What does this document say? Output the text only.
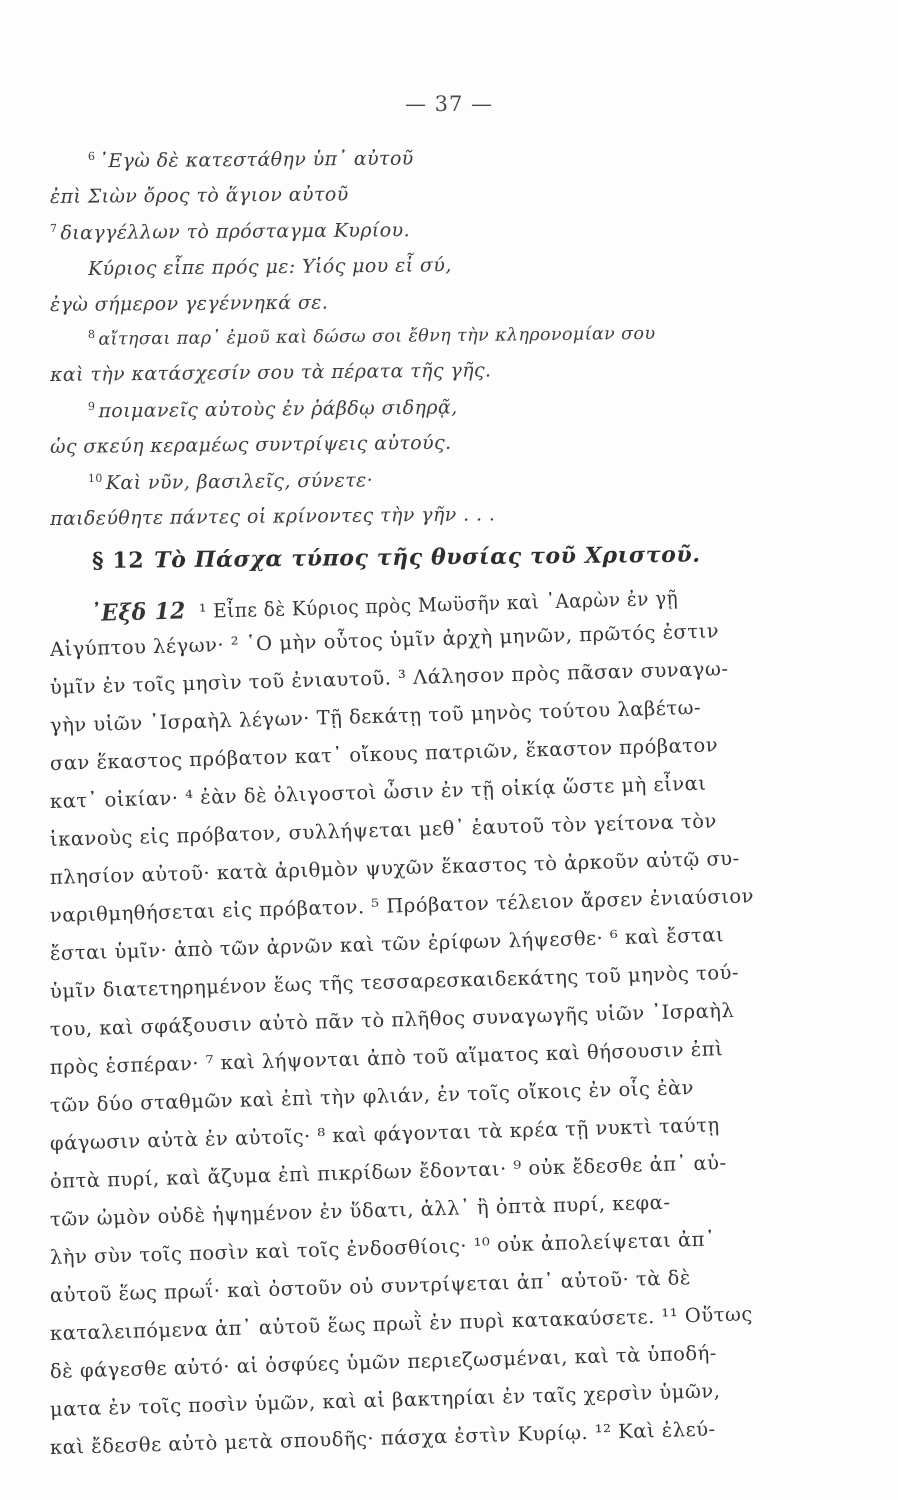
— 37 —
$^6$ ᾿Εγὼ δὲ κατεστάθην ὑπ᾽ αὐτοῦ
ἐπὶ Σιὼν ὄρος τὸ ἅγιον αὐτοῦ
$^7$ διαγγέλλων τὸ πρόσταγμα Κυρίου.
Κύριος εἶπε πρός με: Υἱός μου εἶ σύ,
ἐγὼ σήμερον γεγέννηκά σε.
$^8$ αἴτησαι παρ᾽ ἐμοῦ καὶ δώσω σοι ἔθνη τὴν κληρονομίαν σου
καὶ τὴν κατάσχεσίν σου τὰ πέρατα τῆς γῆς.
$^9$ ποιμανεῖς αὐτοὺς ἐν ῥάβδῳ σιδηρᾷ,
ὡς σκεύη κεραμέως συντρίψεις αὐτούς.
$^{10}$ Καὶ νῦν, βασιλεῖς, σύνετε·
παιδεύθητε πάντες οἱ κρίνοντες τὴν γῆν . . .
§ 12 Τὸ Πάσχα τύπος τῆς θυσίας τοῦ Χριστοῦ.
᾿Εξδ 12 ¹ Εἶπε δὲ Κύριος πρὸς Μωϋσῆν καὶ ᾿Ααρὼν ἐν γῇ
Αἰγύπτου λέγων· ² ῾Ο μὴν οὗτος ὑμῖν ἀρχὴ μηνῶν, πρῶτός ἐστιν
ὑμῖν ἐν τοῖς μησὶν τοῦ ἐνιαυτοῦ. ³ Λάλησον πρὸς πᾶσαν συναγω-
γὴν υἱῶν ᾿Ισραὴλ λέγων· Τῇ δεκάτῃ τοῦ μηνὸς τούτου λαβέτω-
σαν ἕκαστος πρόβατον κατ᾽ οἴκους πατριῶν, ἕκαστον πρόβατον
κατ᾽ οἰκίαν· ⁴ ἐὰν δὲ ὀλιγοστοὶ ὦσιν ἐν τῇ οἰκίᾳ ὥστε μὴ εἶναι
ἱκανοὺς εἰς πρόβατον, συλλήψεται μεθ᾽ ἑαυτοῦ τὸν γείτονα τὸν
πλησίον αὐτοῦ· κατὰ ἀριθμὸν ψυχῶν ἕκαστος τὸ ἀρκοῦν αὐτῷ συ-
ναριθμηθήσεται εἰς πρόβατον. ⁵ Πρόβατον τέλειον ἄρσεν ἐνιαύσιον
ἔσται ὑμῖν· ἀπὸ τῶν ἀρνῶν καὶ τῶν ἐρίφων λήψεσθε· ⁶ καὶ ἔσται
ὑμῖν διατετηρημένον ἕως τῆς τεσσαρεσκαιδεκάτης τοῦ μηνὸς τού-
του, καὶ σφάξουσιν αὐτὸ πᾶν τὸ πλῆθος συναγωγῆς υἱῶν ᾿Ισραὴλ
πρὸς ἑσπέραν· ⁷ καὶ λήψονται ἀπὸ τοῦ αἵματος καὶ θήσουσιν ἐπὶ
τῶν δύο σταθμῶν καὶ ἐπὶ τὴν φλιάν, ἐν τοῖς οἴκοις ἐν οἷς ἐὰν
φάγωσιν αὐτὰ ἐν αὐτοῖς· ⁸ καὶ φάγονται τὰ κρέα τῇ νυκτὶ ταύτῃ
ὀπτὰ πυρί, καὶ ἄζυμα ἐπὶ πικρίδων ἔδονται· ⁹ οὐκ ἔδεσθε ἀπ᾽ αὐ-
τῶν ὠμὸν οὐδὲ ἡψημένον ἐν ὕδατι, ἀλλ᾽ ἢ ὀπτὰ πυρί, κεφα-
λὴν σὺν τοῖς ποσὶν καὶ τοῖς ἐνδοσθίοις· ¹⁰ οὐκ ἀπολείψεται ἀπ᾽
αὐτοῦ ἕως πρωΐ· καὶ ὀστοῦν οὐ συντρίψεται ἀπ᾽ αὐτοῦ· τὰ δὲ
καταλειπόμενα ἀπ᾽ αὐτοῦ ἕως πρωῒ ἐν πυρὶ κατακαύσετε. ¹¹ Οὕτως
δὲ φάγεσθε αὐτό· αἱ ὀσφύες ὑμῶν περιεζωσμέναι, καὶ τὰ ὑποδή-
ματα ἐν τοῖς ποσὶν ὑμῶν, καὶ αἱ βακτηρίαι ἐν ταῖς χερσὶν ὑμῶν,
καὶ ἔδεσθε αὐτὸ μετὰ σπουδῆς· πάσχα ἐστὶν Κυρίῳ. ¹² Καὶ ἐλεύ-
